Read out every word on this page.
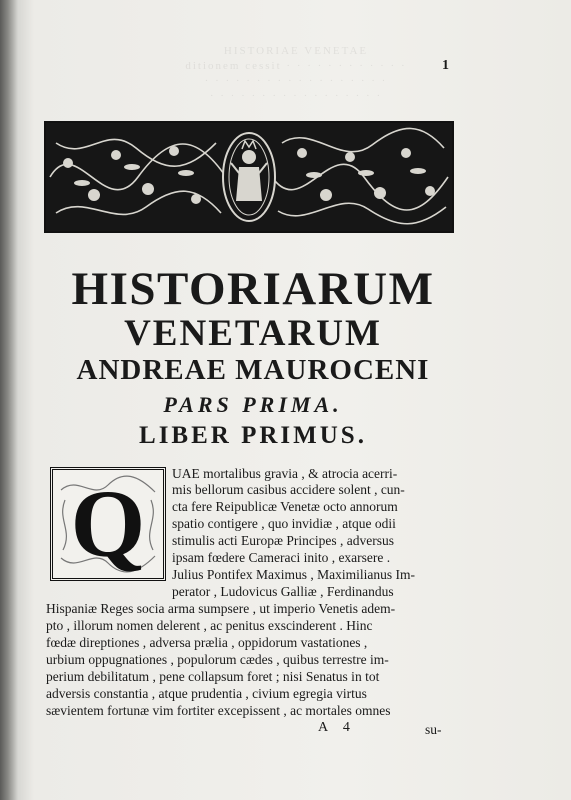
HISTORIAE VENETAE
ditionem cessit · · · · · · · · · · · ·
· · · · · · · · · · · · · · · · · ·
· · · · · · · · · · · · · · · · ·
1
HISTORIARUM
VENETARUM
ANDREAE MAUROCENI
PARS PRIMA.
LIBER PRIMUS.
Q	UAE mortalibus gravia , & atrocia acerri-
mis bellorum casibus accidere solent , cun-
cta fere Reipublicæ Venetæ octo annorum
spatio contigere , quo invidiæ , atque odii
stimulis acti Europæ Principes , adversus
ipsam fœdere Cameraci inito , exarsere .
Julius Pontifex Maximus , Maximilianus Im-
perator , Ludovicus Galliæ , Ferdinandus
Hispaniæ Reges socia arma sumpsere , ut imperio Venetis adem-
pto , illorum nomen delerent , ac penitus exscinderent . Hinc
fœdæ direptiones , adversa prælia , oppidorum vastationes ,
urbium oppugnationes , populorum cædes , quibus terrestre im-
perium debilitatum , pene collapsum foret ; nisi Senatus in tot
adversis constantia , atque prudentia , civium egregia virtus
sævientem fortunæ vim fortiter excepissent , ac mortales omnes
A 4	su-
